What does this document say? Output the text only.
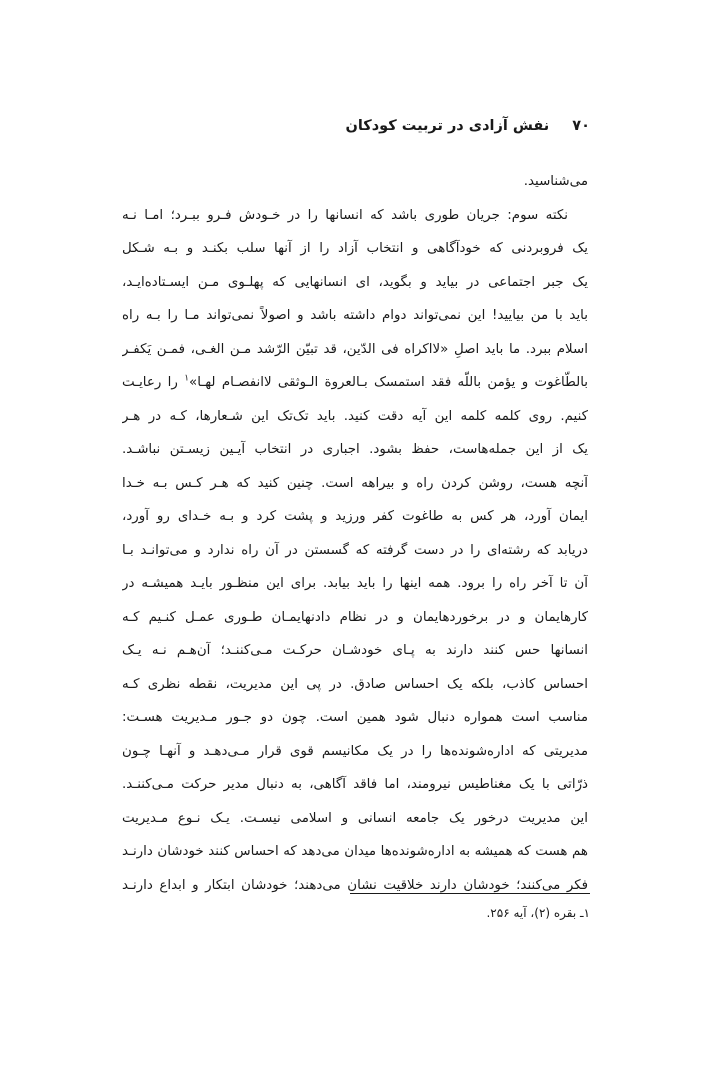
۷۰ نفش آزادی در تربیت کودکان
می‌شناسید.
نکته سوم: جریان طوری باشد که انسانها را در خـودش فـرو ببـرد؛ امـا نـه
یک فروبردنی که خودآگاهی و انتخاب آزاد را از آنها سلب بکنـد و بـه شـکل
یک جبر اجتماعی در بیاید و بگوید، ای انسانهایی که پهلـوی مـن ایسـتاده‌ایـد،
باید با من بیایید! این نمی‌تواند دوام داشته باشد و اصولاً نمی‌تواند مـا را بـه راه
اسلام ببرد. ما باید اصلِ «لااکراه فی الدّین، قد تبیّن الرّشد مـن الغـی، فمـن یَکفـر
بالطّاغوت و یؤمن باللّه فقد استمسک بـالعروة الـوثقی لاانفصـام لهـا»$^۱$ را رعایـت
کنیم. روی کلمه کلمه این آیه دقت کنید. باید تک‌تک این شـعارها، کـه در هـر
یک از این جمله‌هاست، حفظ بشود. اجباری در انتخاب آیـین زیسـتن نباشـد.
آنچه هست، روشن کردن راه و بیراهه است. چنین کنید که هـر کـس بـه خـدا
ایمان آورد، هر کس به طاغوت کفر ورزید و پشت کرد و بـه خـدای رو آورد،
دریابد که رشته‌ای را در دست گرفته که گسستن در آن راه ندارد و می‌توانـد بـا
آن تا آخر راه را برود. همه اینها را باید بیابد. برای این منظـور بایـد همیشـه در
کارهایمان و در برخوردهایمان و در نظام دادنهایمـان طـوری عمـل کنـیم کـه
انسانها حس کنند دارند به پـای خودشـان حرکـت مـی‌کننـد؛ آن‌هـم نـه یـک
احساس کاذب، بلکه یک احساس صادق. در پی این مدیریت، نقطه نظری کـه
مناسب است همواره دنبال شود همین است. چون دو جـور مـدیریت هسـت:
مدیریتی که اداره‌شونده‌ها را در یک مکانیسم قوی قرار مـی‌دهـد و آنهـا چـون
ذرّاتی با یک مغناطیس نیرومند، اما فاقد آگاهی، به دنبال مدیر حرکت مـی‌کننـد.
این مدیریت درخور یک جامعه انسانی و اسلامی نیسـت. یـک نـوع مـدیریت
هم هست که همیشه به اداره‌شونده‌ها میدان می‌دهد که احساس کنند خودشان دارنـد
فکر می‌کنند؛ خودشان دارند خلاقیت نشان می‌دهند؛ خودشان ابتکار و ابداع دارنـد
۱ـ بقره (۲)، آیه ۲۵۶.
